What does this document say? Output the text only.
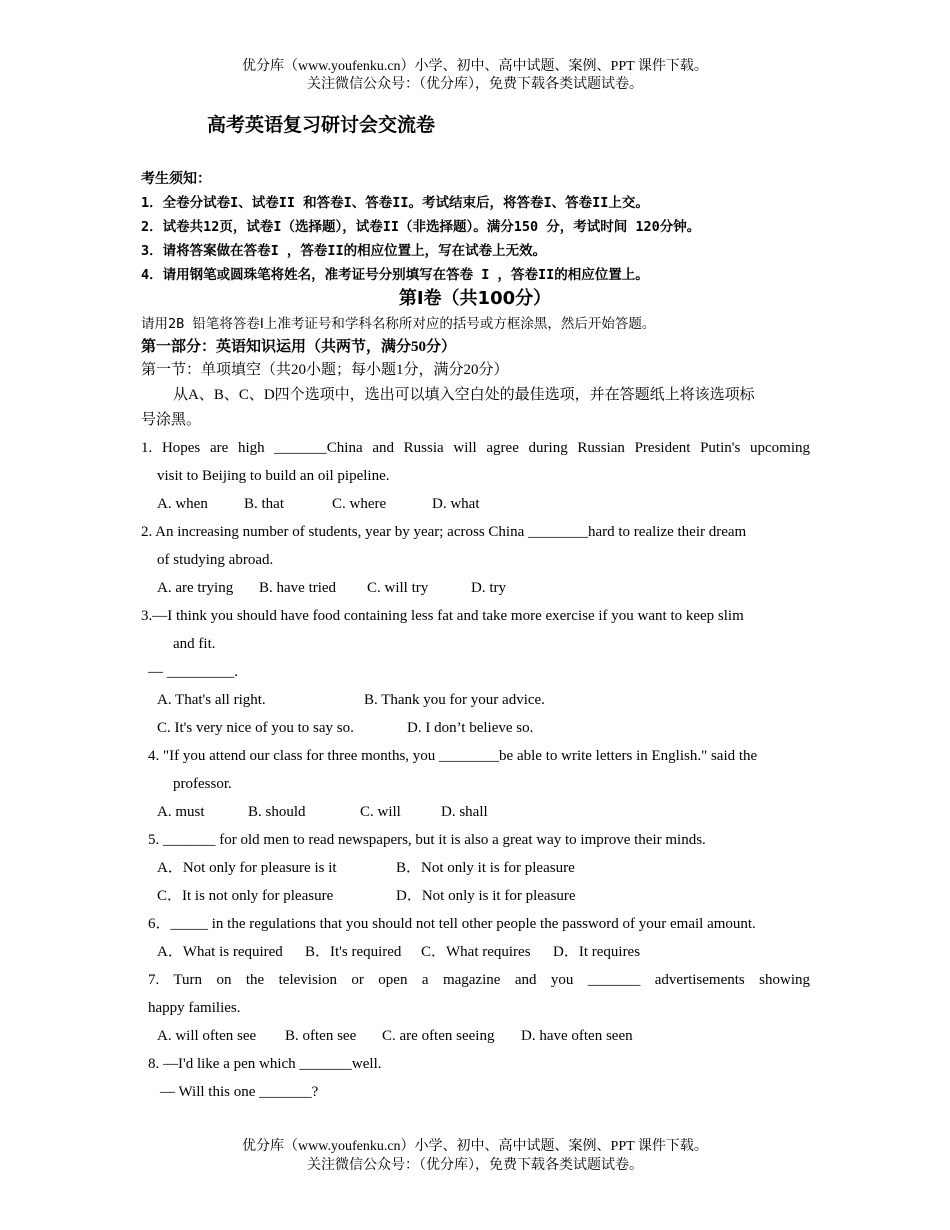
优分库（www.youfenku.cn）小学、初中、高中试题、案例、PPT 课件下载。
关注微信公众号：（优分库），免费下载各类试题试卷。
高考英语复习研讨会交流卷
考生须知：
1．全卷分试卷I、试卷II 和答卷I、答卷II。考试结束后，将答卷I、答卷II上交。
2．试卷共12页，试卷I（选择题），试卷II（非选择题）。满分150 分，考试时间 120分钟。
3．请将答案做在答卷I ，答卷II的相应位置上，写在试卷上无效。
4．请用钢笔或圆珠笔将姓名，准考证号分别填写在答卷 I ，答卷II的相应位置上。
第Ⅰ卷（共100分）
请用2B 铅笔将答卷Ⅰ上准考证号和学科名称所对应的括号或方框涂黑，然后开始答题。
第一部分：英语知识运用（共两节，满分50分）
第一节：单项填空（共20小题；每小题1分，满分20分）
从A、B、C、D四个选项中，选出可以填入空白处的最佳选项，并在答题纸上将该选项标
号涂黑。
1. Hopes are high _______China and Russia will agree during Russian President Putin's upcoming
visit to Beijing to build an oil pipeline.
A. when B. that	C. where	D. what
2. An increasing number of students, year by year; across China ________hard to realize their dream
of studying abroad.
A. are trying B. have tried C. will try	D. try
3.—I think you should have food containing less fat and take more exercise if you want to keep slim
and fit.
— _________.
A. That's all right.	B. Thank you for your advice.
C. It's very nice of you to say so.	D. I don’t believe so.
4. "If you attend our class for three months, you ________be able to write letters in English." said the
professor.
A. must	B. should	C. will	D. shall
5. _______ for old men to read newspapers, but it is also a great way to improve their minds.
A．Not only for pleasure is it	B．Not only it is for pleasure
C．It is not only for pleasure	D．Not only is it for pleasure
6．_____ in the regulations that you should not tell other people the password of your email amount.
A．What is required B．It's required C．What requires D．It requires
7. Turn on the television or open a magazine and you _______ advertisements showing
happy families.
A. will often see B. often see C. are often seeing D. have often seen
8. —I'd like a pen which _______well.
— Will this one _______?
优分库（www.youfenku.cn）小学、初中、高中试题、案例、PPT 课件下载。
关注微信公众号：（优分库），免费下载各类试题试卷。
